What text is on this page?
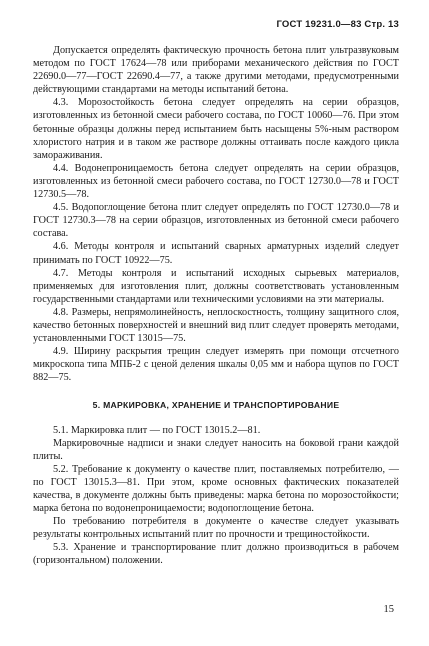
ГОСТ 19231.0—83 Стр. 13

Допускается определять фактическую прочность бетона плит ультразвуковым методом по ГОСТ 17624—78 или приборами механического действия по ГОСТ 22690.0—77—ГОСТ 22690.4—77, а также другими методами, предусмотренными действующими стандартами на методы испытаний бетона.

4.3. Морозостойкость бетона следует определять на серии образцов, изготовленных из бетонной смеси рабочего состава, по ГОСТ 10060—76. При этом бетонные образцы должны перед испытанием быть насыщены 5%-ным раствором хлористого натрия и в таком же растворе должны оттаивать после каждого цикла замораживания.

4.4. Водонепроницаемость бетона следует определять на серии образцов, изготовленных из бетонной смеси рабочего состава, по ГОСТ 12730.0—78 и ГОСТ 12730.5—78.

4.5. Водопоглощение бетона плит следует определять по ГОСТ 12730.0—78 и ГОСТ 12730.3—78 на серии образцов, изготовленных из бетонной смеси рабочего состава.

4.6. Методы контроля и испытаний сварных арматурных изделий следует принимать по ГОСТ 10922—75.

4.7. Методы контроля и испытаний исходных сырьевых материалов, применяемых для изготовления плит, должны соответствовать установленным государственными стандартами или техническими условиями на эти материалы.

4.8. Размеры, непрямолинейность, неплоскостность, толщину защитного слоя, качество бетонных поверхностей и внешний вид плит следует проверять методами, установленными ГОСТ 13015—75.

4.9. Ширину раскрытия трещин следует измерять при помощи отсчетного микроскопа типа МПБ-2 с ценой деления шкалы 0,05 мм и набора щупов по ГОСТ 882—75.

5. МАРКИРОВКА, ХРАНЕНИЕ И ТРАНСПОРТИРОВАНИЕ

5.1. Маркировка плит — по ГОСТ 13015.2—81.

Маркировочные надписи и знаки следует наносить на боковой грани каждой плиты.

5.2. Требование к документу о качестве плит, поставляемых потребителю, — по ГОСТ 13015.3—81. При этом, кроме основных фактических показателей качества, в документе должны быть приведены: марка бетона по морозостойкости; марка бетона по водонепроницаемости; водопоглощение бетона.

По требованию потребителя в документе о качестве следует указывать результаты контрольных испытаний плит по прочности и трещиностойкости.

5.3. Хранение и транспортирование плит должно производиться в рабочем (горизонтальном) положении.

15
